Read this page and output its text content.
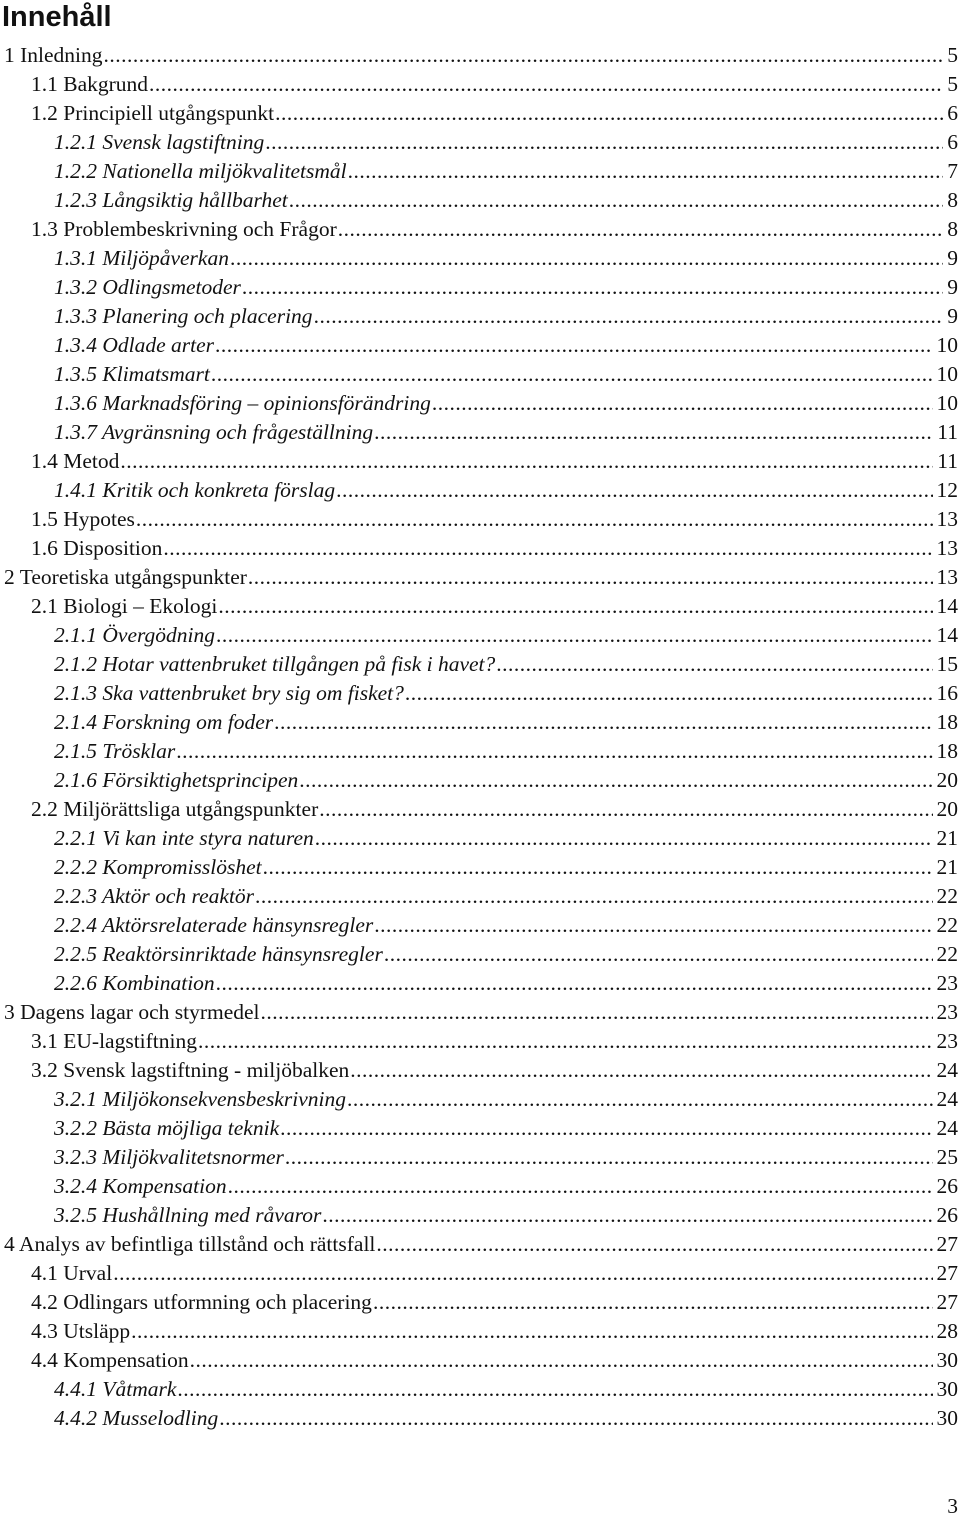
Innehåll
1 Inledning .....	5
1.1 Bakgrund .....	5
1.2 Principiell utgångspunkt .....	6
1.2.1 Svensk lagstiftning .....	6
1.2.2 Nationella miljökvalitetsmål .....	7
1.2.3 Långsiktig hållbarhet .....	8
1.3 Problembeskrivning och Frågor .....	8
1.3.1 Miljöpåverkan .....	9
1.3.2 Odlingsmetoder .....	9
1.3.3 Planering och placering .....	9
1.3.4 Odlade arter .....	10
1.3.5 Klimatsmart .....	10
1.3.6 Marknadsföring – opinionsförändring .....	10
1.3.7 Avgränsning och frågeställning .....	11
1.4 Metod .....	11
1.4.1 Kritik och konkreta förslag .....	12
1.5 Hypotes .....	13
1.6 Disposition .....	13
2 Teoretiska utgångspunkter .....	13
2.1 Biologi – Ekologi .....	14
2.1.1 Övergödning .....	14
2.1.2 Hotar vattenbruket tillgången på fisk i havet? .....	15
2.1.3 Ska vattenbruket bry sig om fisket? .....	16
2.1.4 Forskning om foder .....	18
2.1.5 Trösklar .....	18
2.1.6 Försiktighetsprincipen .....	20
2.2 Miljörättsliga utgångspunkter .....	20
2.2.1 Vi kan inte styra naturen .....	21
2.2.2 Kompromisslöshet .....	21
2.2.3 Aktör och reaktör .....	22
2.2.4 Aktörsrelaterade hänsynsregler .....	22
2.2.5 Reaktörsinriktade hänsynsregler .....	22
2.2.6 Kombination .....	23
3 Dagens lagar och styrmedel .....	23
3.1 EU-lagstiftning .....	23
3.2 Svensk lagstiftning - miljöbalken .....	24
3.2.1 Miljökonsekvensbeskrivning .....	24
3.2.2 Bästa möjliga teknik .....	24
3.2.3 Miljökvalitetsnormer .....	25
3.2.4 Kompensation .....	26
3.2.5 Hushållning med råvaror .....	26
4 Analys av befintliga tillstånd och rättsfall .....	27
4.1 Urval .....	27
4.2 Odlingars utformning och placering .....	27
4.3 Utsläpp .....	28
4.4 Kompensation .....	30
4.4.1 Våtmark .....	30
4.4.2 Musselodling .....	30
3
